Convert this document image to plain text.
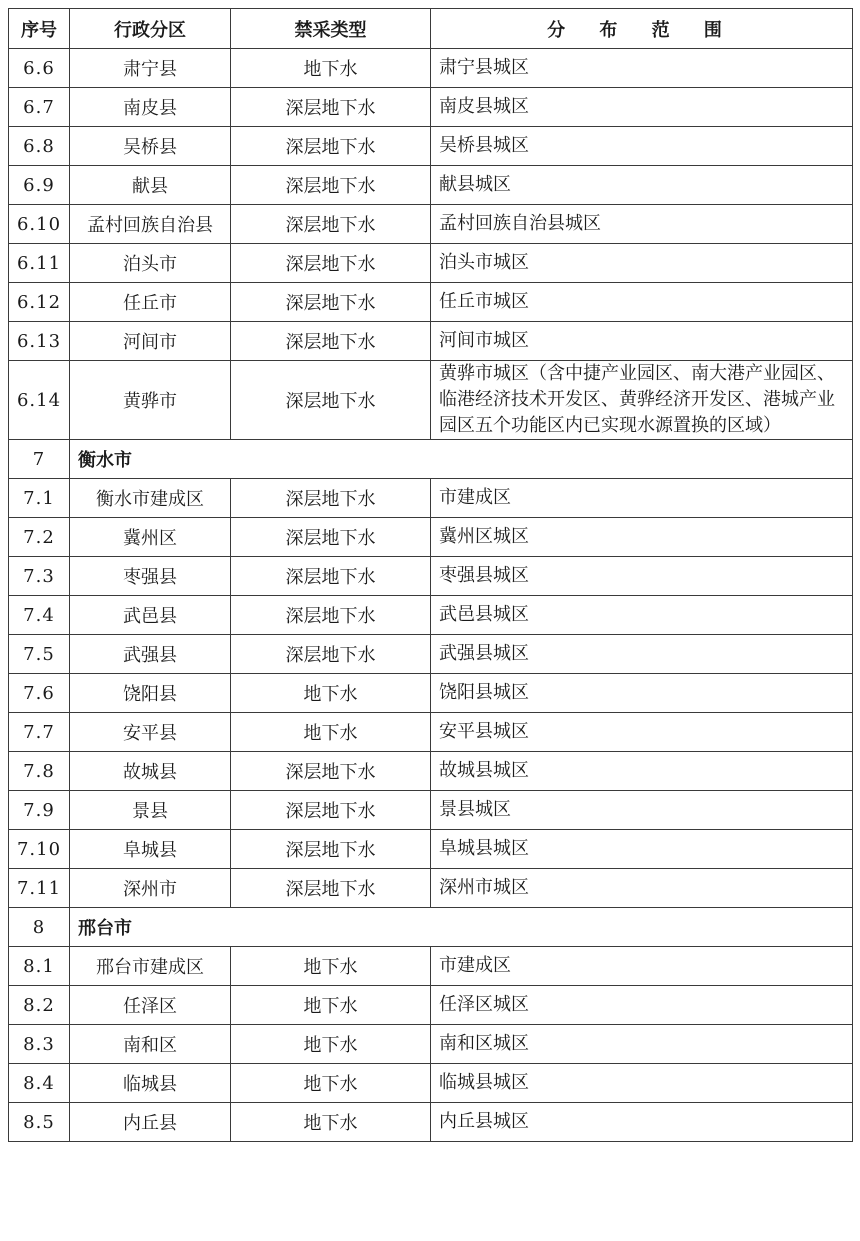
序号	行政分区	禁采类型	分 布 范 围
6.6	肃宁县	地下水	肃宁县城区
6.7	南皮县	深层地下水	南皮县城区
6.8	吴桥县	深层地下水	吴桥县城区
6.9	献县	深层地下水	献县城区
6.10	孟村回族自治县	深层地下水	孟村回族自治县城区
6.11	泊头市	深层地下水	泊头市城区
6.12	任丘市	深层地下水	任丘市城区
6.13	河间市	深层地下水	河间市城区
6.14	黄骅市	深层地下水	黄骅市城区（含中捷产业园区、南大港产业园区、临港经济技术开发区、黄骅经济开发区、港城产业园区五个功能区内已实现水源置换的区域）
7	衡水市		
7.1	衡水市建成区	深层地下水	市建成区
7.2	冀州区	深层地下水	冀州区城区
7.3	枣强县	深层地下水	枣强县城区
7.4	武邑县	深层地下水	武邑县城区
7.5	武强县	深层地下水	武强县城区
7.6	饶阳县	地下水	饶阳县城区
7.7	安平县	地下水	安平县城区
7.8	故城县	深层地下水	故城县城区
7.9	景县	深层地下水	景县城区
7.10	阜城县	深层地下水	阜城县城区
7.11	深州市	深层地下水	深州市城区
8	邢台市		
8.1	邢台市建成区	地下水	市建成区
8.2	任泽区	地下水	任泽区城区
8.3	南和区	地下水	南和区城区
8.4	临城县	地下水	临城县城区
8.5	内丘县	地下水	内丘县城区
